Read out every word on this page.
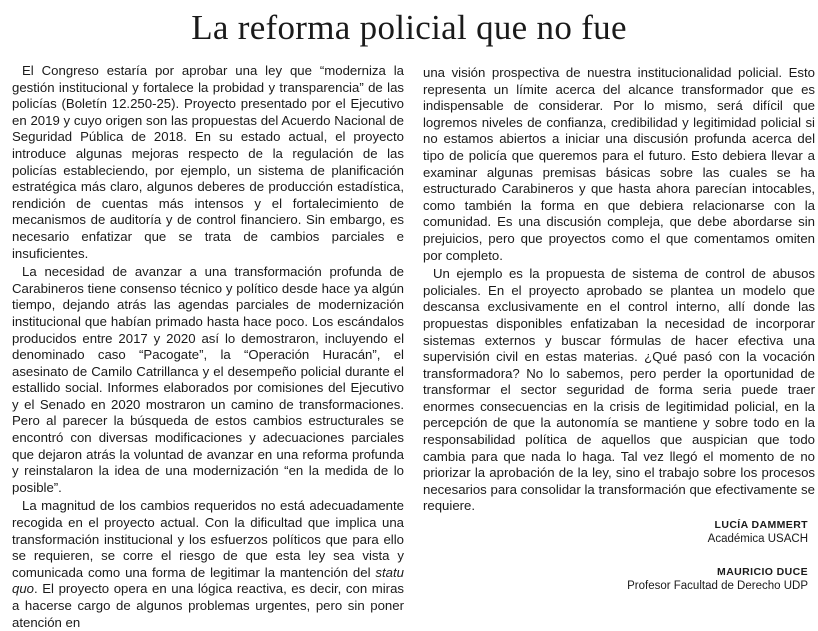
La reforma policial que no fue

El Congreso estaría por aprobar una ley que “moderniza la gestión institucional y fortalece la probidad y transparencia” de las policías (Boletín 12.250-25). Proyecto presentado por el Ejecutivo en 2019 y cuyo origen son las propuestas del Acuerdo Nacional de Seguridad Pública de 2018. En su estado actual, el proyecto introduce algunas mejoras respecto de la regulación de las policías estableciendo, por ejemplo, un sistema de planificación estratégica más claro, algunos deberes de producción estadística, rendición de cuentas más intensos y el fortalecimiento de mecanismos de auditoría y de control financiero. Sin embargo, es necesario enfatizar que se trata de cambios parciales e insuficientes.

La necesidad de avanzar a una transformación profunda de Carabineros tiene consenso técnico y político desde hace ya algún tiempo, dejando atrás las agendas parciales de modernización institucional que habían primado hasta hace poco. Los escándalos producidos entre 2017 y 2020 así lo demostraron, incluyendo el denominado caso “Pacogate”, la “Operación Huracán”, el asesinato de Camilo Catrillanca y el desempeño policial durante el estallido social. Informes elaborados por comisiones del Ejecutivo y el Senado en 2020 mostraron un camino de transformaciones. Pero al parecer la búsqueda de estos cambios estructurales se encontró con diversas modificaciones y adecuaciones parciales que dejaron atrás la voluntad de avanzar en una reforma profunda y reinstalaron la idea de una modernización “en la medida de lo posible”.

La magnitud de los cambios requeridos no está adecuadamente recogida en el proyecto actual. Con la dificultad que implica una transformación institucional y los esfuerzos políticos que para ello se requieren, se corre el riesgo de que esta ley sea vista y comunicada como una forma de legitimar la mantención del statu quo. El proyecto opera en una lógica reactiva, es decir, con miras a hacerse cargo de algunos problemas urgentes, pero sin poner atención en

una visión prospectiva de nuestra institucionalidad policial. Esto representa un límite acerca del alcance transformador que es indispensable de considerar. Por lo mismo, será difícil que logremos niveles de confianza, credibilidad y legitimidad policial si no estamos abiertos a iniciar una discusión profunda acerca del tipo de policía que queremos para el futuro. Esto debiera llevar a examinar algunas premisas básicas sobre las cuales se ha estructurado Carabineros y que hasta ahora parecían intocables, como también la forma en que debiera relacionarse con la comunidad. Es una discusión compleja, que debe abordarse sin prejuicios, pero que proyectos como el que comentamos omiten por completo.

Un ejemplo es la propuesta de sistema de control de abusos policiales. En el proyecto aprobado se plantea un modelo que descansa exclusivamente en el control interno, allí donde las propuestas disponibles enfatizaban la necesidad de incorporar sistemas externos y buscar fórmulas de hacer efectiva una supervisión civil en estas materias. ¿Qué pasó con la vocación transformadora? No lo sabemos, pero perder la oportunidad de transformar el sector seguridad de forma seria puede traer enormes consecuencias en la crisis de legitimidad policial, en la percepción de que la autonomía se mantiene y sobre todo en la responsabilidad política de aquellos que auspician que todo cambia para que nada lo haga. Tal vez llegó el momento de no priorizar la aprobación de la ley, sino el trabajo sobre los procesos necesarios para consolidar la transformación que efectivamente se requiere.

LUCÍA DAMMERT

Académica USACH

MAURICIO DUCE

Profesor Facultad de Derecho UDP
